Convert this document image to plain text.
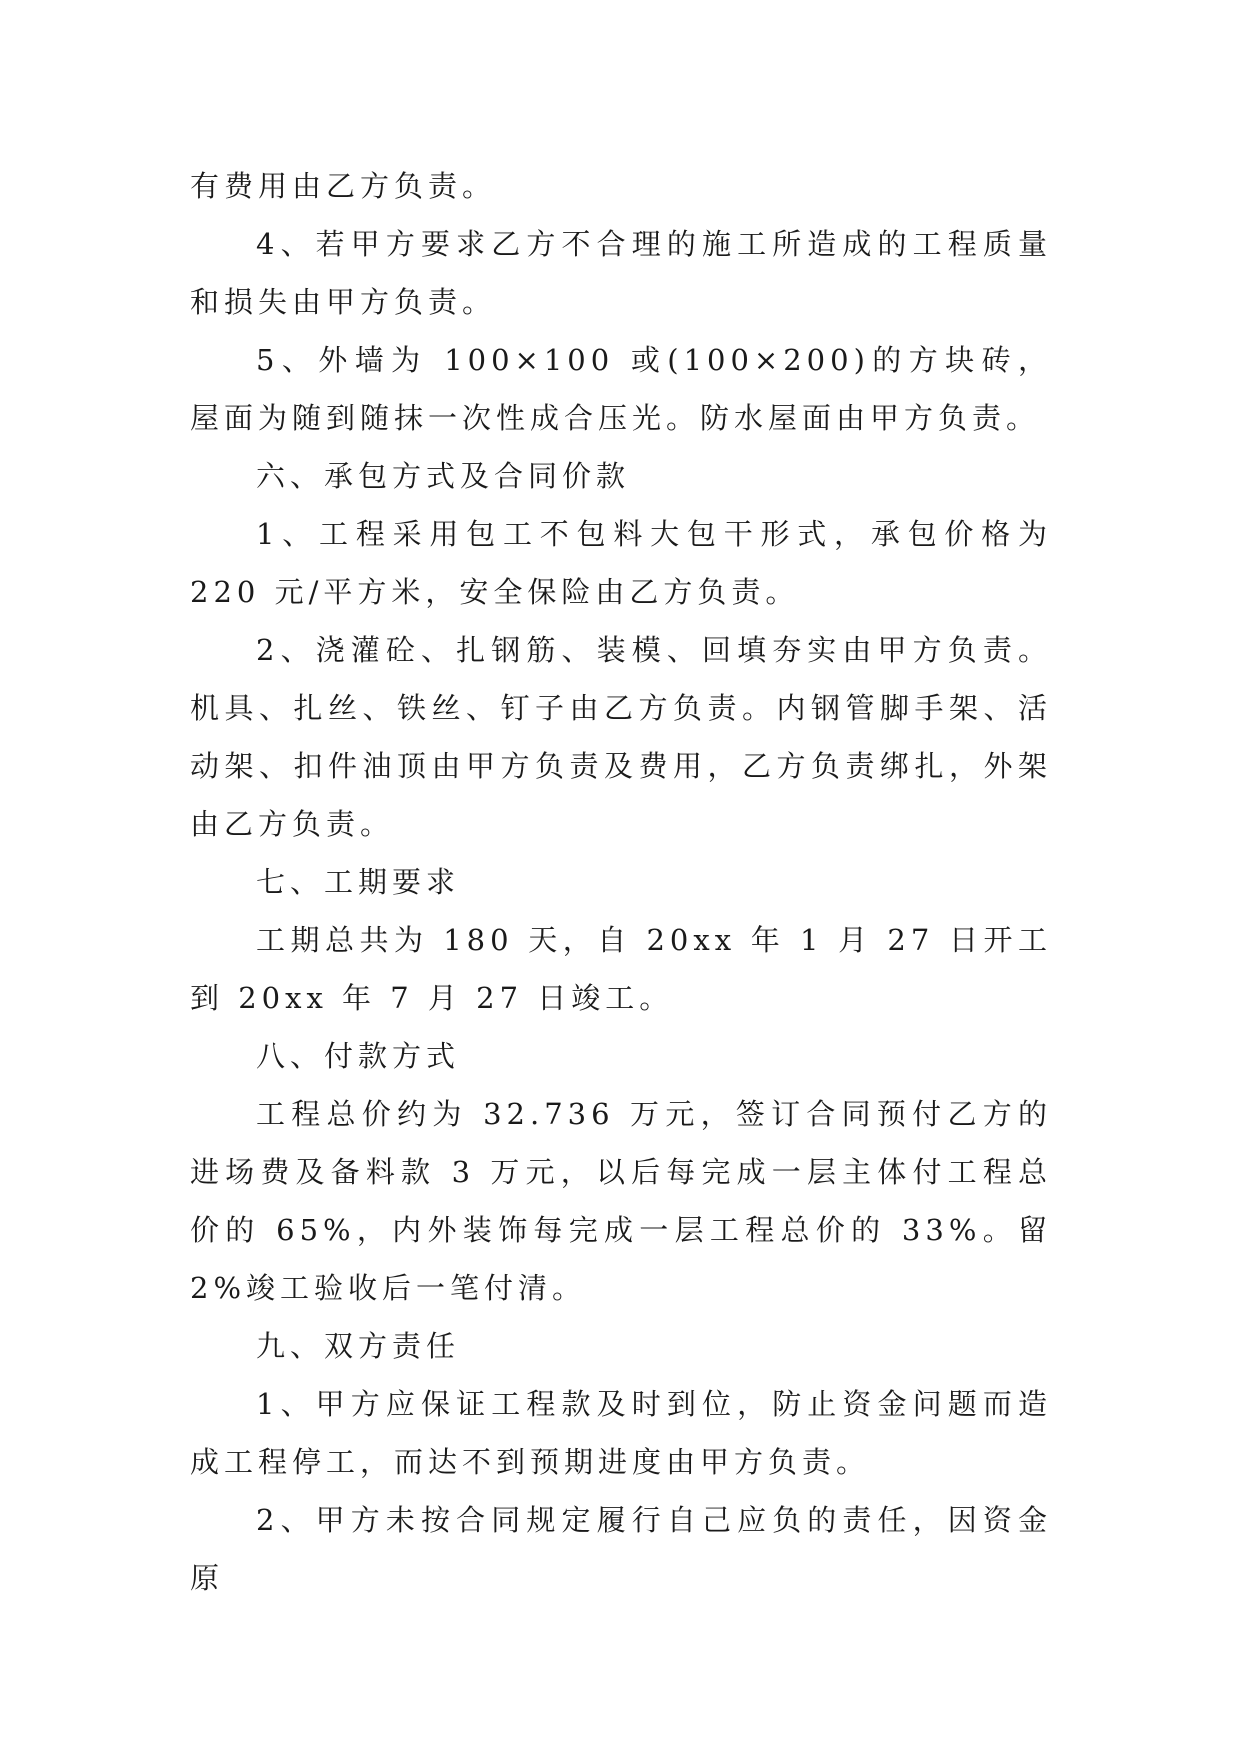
有费用由乙方负责。

4、若甲方要求乙方不合理的施工所造成的工程质量和损失由甲方负责。

5、外墙为 100×100 或(100×200)的方块砖，屋面为随到随抹一次性成合压光。防水屋面由甲方负责。

六、承包方式及合同价款

1、工程采用包工不包料大包干形式，承包价格为 220 元/平方米，安全保险由乙方负责。

2、浇灌砼、扎钢筋、装模、回填夯实由甲方负责。机具、扎丝、铁丝、钉子由乙方负责。内钢管脚手架、活动架、扣件油顶由甲方负责及费用，乙方负责绑扎，外架由乙方负责。

七、工期要求

工期总共为 180 天，自 20xx 年 1 月 27 日开工到 20xx 年 7 月 27 日竣工。

八、付款方式

工程总价约为 32.736 万元，签订合同预付乙方的进场费及备料款 3 万元，以后每完成一层主体付工程总价的 65%，内外装饰每完成一层工程总价的 33%。留 2%竣工验收后一笔付清。

九、双方责任

1、甲方应保证工程款及时到位，防止资金问题而造成工程停工，而达不到预期进度由甲方负责。

2、甲方未按合同规定履行自己应负的责任，因资金原
